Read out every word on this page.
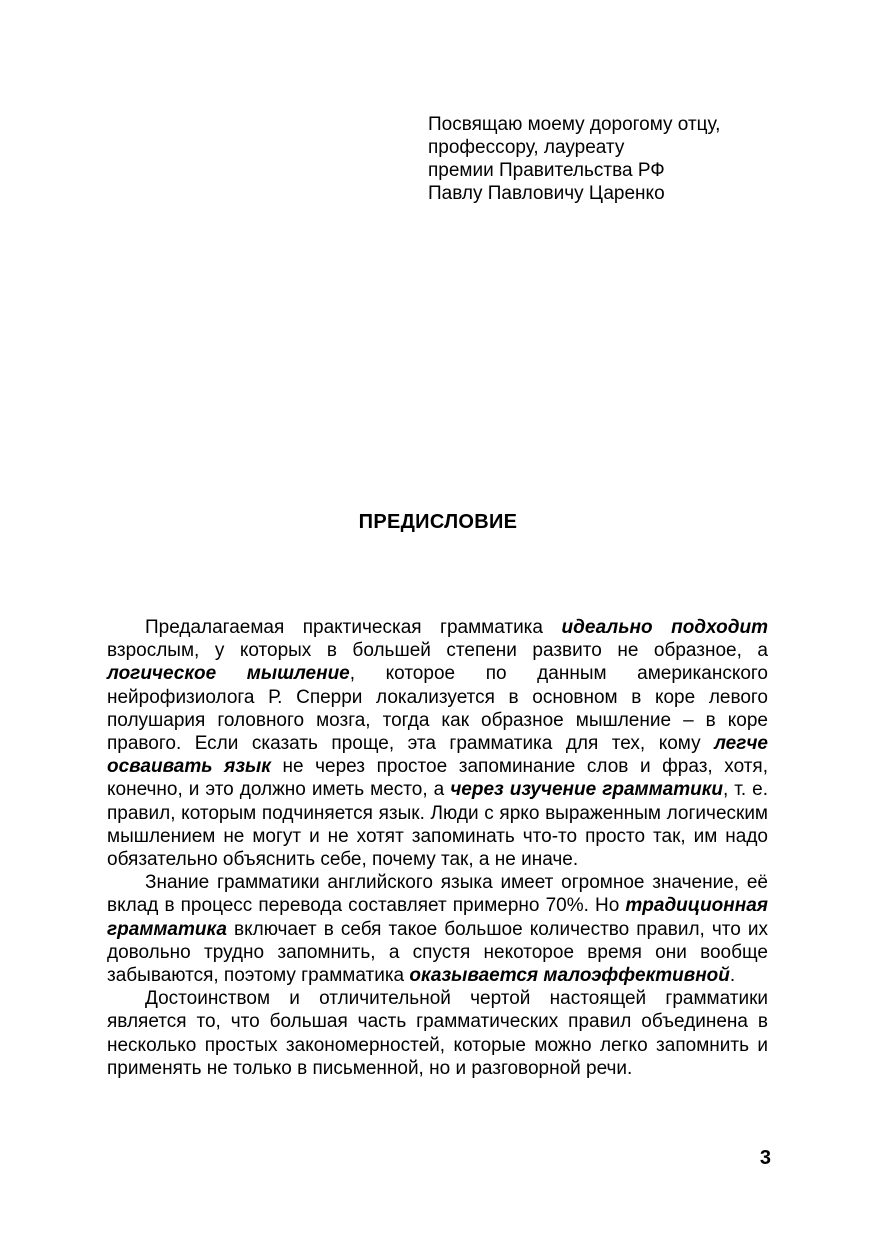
Посвящаю моему дорогому отцу,
профессору, лауреату
премии Правительства РФ
Павлу Павловичу Царенко
ПРЕДИСЛОВИЕ

Предалагаемая практическая грамматика идеально подходит взрослым, у которых в большей степени развито не образное, а логическое мышление, которое по данным американского нейрофизиолога Р. Сперри локализуется в основном в коре левого полушария головного мозга, тогда как образное мышление – в коре правого. Если сказать проще, эта грамматика для тех, кому легче осваивать язык не через простое запоминание слов и фраз, хотя, конечно, и это должно иметь место, а через изучение грамматики, т. е. правил, которым подчиняется язык. Люди с ярко выраженным логическим мышлением не могут и не хотят запоминать что-то просто так, им надо обязательно объяснить себе, почему так, а не иначе.

Знание грамматики английского языка имеет огромное значение, её вклад в процесс перевода составляет примерно 70%. Но традиционная грамматика включает в себя такое большое количество правил, что их довольно трудно запомнить, а спустя некоторое время они вообще забываются, поэтому грамматика оказывается малоэффективной.

Достоинством и отличительной чертой настоящей грамматики является то, что большая часть грамматических правил объединена в несколько простых закономерностей, которые можно легко запомнить и применять не только в письменной, но и разговорной речи.

3
